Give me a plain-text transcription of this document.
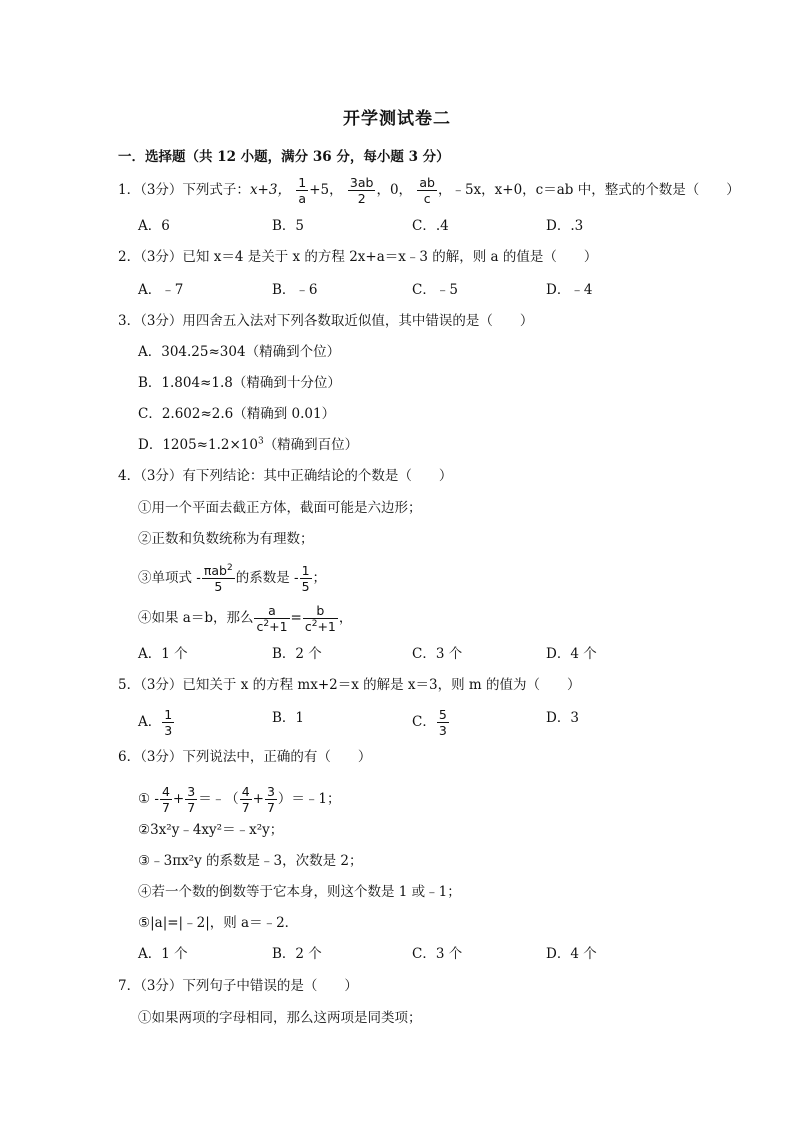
开学测试卷二
一．选择题（共 12 小题，满分 36 分，每小题 3 分）
1．（3分）下列式子：x+3， $\frac{1}{a} +5$， $\frac{3ab}{2}$ ，0， $\frac{ab}{c}$ ，﹣5x，x+0，c＝ab 中，整式的个数是（　　）
A．6	B．5	C．.4	D．.3
2．（3分）已知 x＝4 是关于 x 的方程 2x+a＝x﹣3 的解，则 a 的值是（　　）
A．﹣7	B．﹣6	C．﹣5	D．﹣4
3．（3分）用四舍五入法对下列各数取近似值，其中错误的是（　　）
A．304.25≈304（精确到个位）
B．1.804≈1.8（精确到十分位）
C．2.602≈2.6（精确到 0.01）
D．$1205\approx 1.2\times 10^3$（精确到百位）
4．（3分）有下列结论：其中正确结论的个数是（　　）
①用一个平面去截正方体，截面可能是六边形；
②正数和负数统称为有理数；
③单项式 - $\frac{\pi ab^2}{5}$ 的系数是 - $\frac{1}{5}$ ；
④如果 a＝b，那么 $\frac{a}{c^2+1} = \frac{b}{c^2+1}$ ，
A．1 个	B．2 个	C．3 个	D．4 个
5．（3分）已知关于 x 的方程 mx+2＝x 的解是 x＝3，则 m 的值为（　　）
A． $\frac{1}{3}$	B．1	C． $\frac{5}{3}$	D．3
6．（3分）下列说法中，正确的有（　　）
① - $\frac{4}{7} + \frac{3}{7}$ ＝﹣（ $\frac{4}{7} + \frac{3}{7}$ ）＝﹣1；
②3x²y﹣4xy²＝﹣x²y；
③﹣3πx²y 的系数是﹣3，次数是 2；
④若一个数的倒数等于它本身，则这个数是 1 或﹣1；
⑤|a|=|﹣2|，则 a＝﹣2．
A．1 个	B．2 个	C．3 个	D．4 个
7．（3分）下列句子中错误的是（　　）
①如果两项的字母相同，那么这两项是同类项；
